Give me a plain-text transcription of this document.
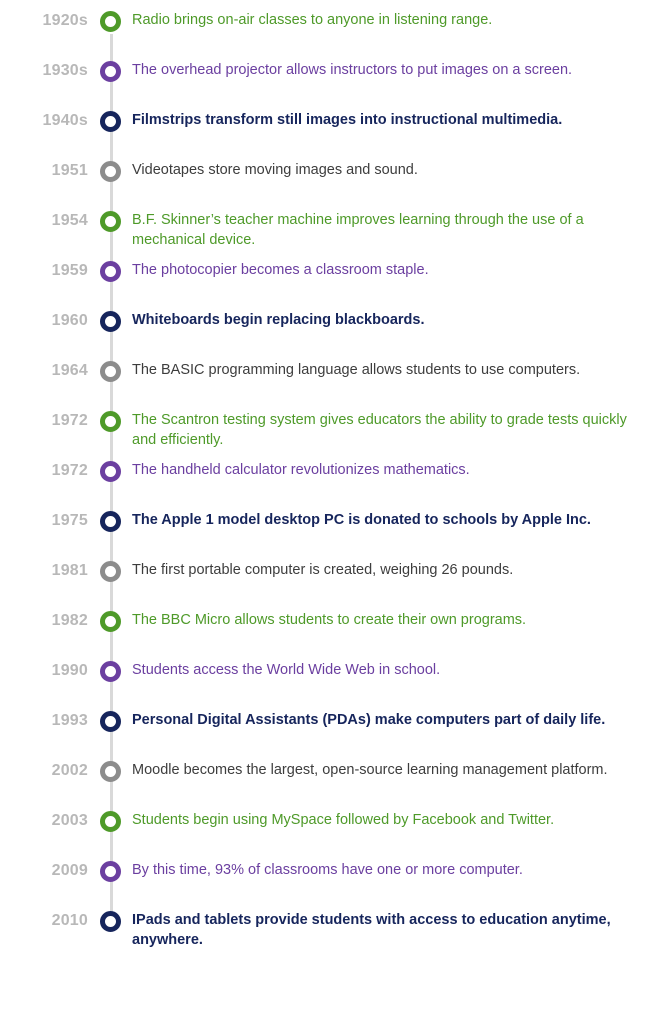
1920s	Radio brings on-air classes to anyone in listening range.
1930s	The overhead projector allows instructors to put images on a screen.
1940s	Filmstrips transform still images into instructional multimedia.
1951	Videotapes store moving images and sound.
1954	B.F. Skinner’s teacher machine improves learning through the use of a mechanical device.
1959	The photocopier becomes a classroom staple.
1960	Whiteboards begin replacing blackboards.
1964	The BASIC programming language allows students to use computers.
1972	The Scantron testing system gives educators the ability to grade tests quickly and efficiently.
1972	The handheld calculator revolutionizes mathematics.
1975	The Apple 1 model desktop PC is donated to schools by Apple Inc.
1981	The first portable computer is created, weighing 26 pounds.
1982	The BBC Micro allows students to create their own programs.
1990	Students access the World Wide Web in school.
1993	Personal Digital Assistants (PDAs) make computers part of daily life.
2002	Moodle becomes the largest, open-source learning management platform.
2003	Students begin using MySpace followed by Facebook and Twitter.
2009	By this time, 93% of classrooms have one or more computer.
2010	IPads and tablets provide students with access to education anytime, anywhere.
